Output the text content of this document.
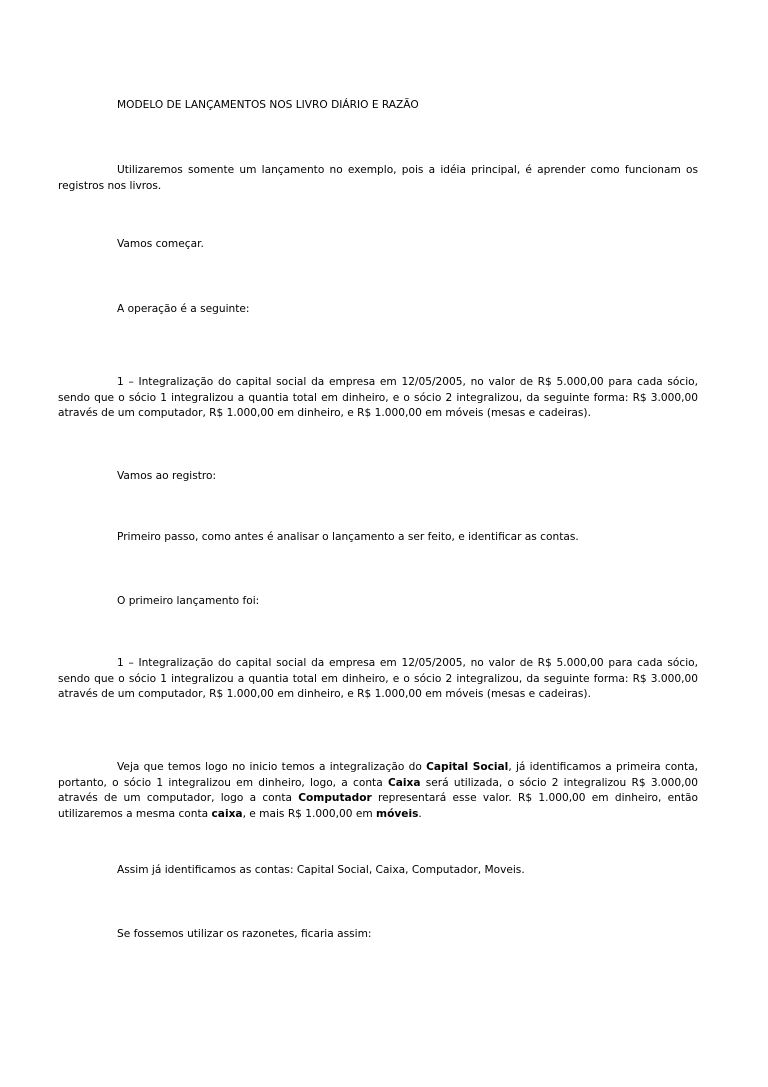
MODELO DE LANÇAMENTOS NOS LIVRO DIÁRIO E RAZÃO

Utilizaremos somente um lançamento no exemplo, pois a idéia principal, é aprender como funcionam os registros nos livros.

Vamos começar.

A operação é a seguinte:

1 – Integralização do capital social da empresa em 12/05/2005, no valor de R$ 5.000,00 para cada sócio, sendo que o sócio 1 integralizou a quantia total em dinheiro, e o sócio 2 integralizou, da seguinte forma: R$ 3.000,00 através de um computador, R$ 1.000,00 em dinheiro, e R$ 1.000,00 em móveis (mesas e cadeiras).

Vamos ao registro:

Primeiro passo, como antes é analisar o lançamento a ser feito, e identificar as contas.

O primeiro lançamento foi:

1 – Integralização do capital social da empresa em 12/05/2005, no valor de R$ 5.000,00 para cada sócio, sendo que o sócio 1 integralizou a quantia total em dinheiro, e o sócio 2 integralizou, da seguinte forma: R$ 3.000,00 através de um computador, R$ 1.000,00 em dinheiro, e R$ 1.000,00 em móveis (mesas e cadeiras).

Veja que temos logo no inicio temos a integralização do Capital Social, já identificamos a primeira conta, portanto, o sócio 1 integralizou em dinheiro, logo, a conta Caixa será utilizada, o sócio 2 integralizou R$ 3.000,00 através de um computador, logo a conta Computador representará esse valor. R$ 1.000,00 em dinheiro, então utilizaremos a mesma conta caixa, e mais R$ 1.000,00 em móveis.

Assim já identificamos as contas: Capital Social, Caixa, Computador, Moveis.

Se fossemos utilizar os razonetes, ficaria assim:
